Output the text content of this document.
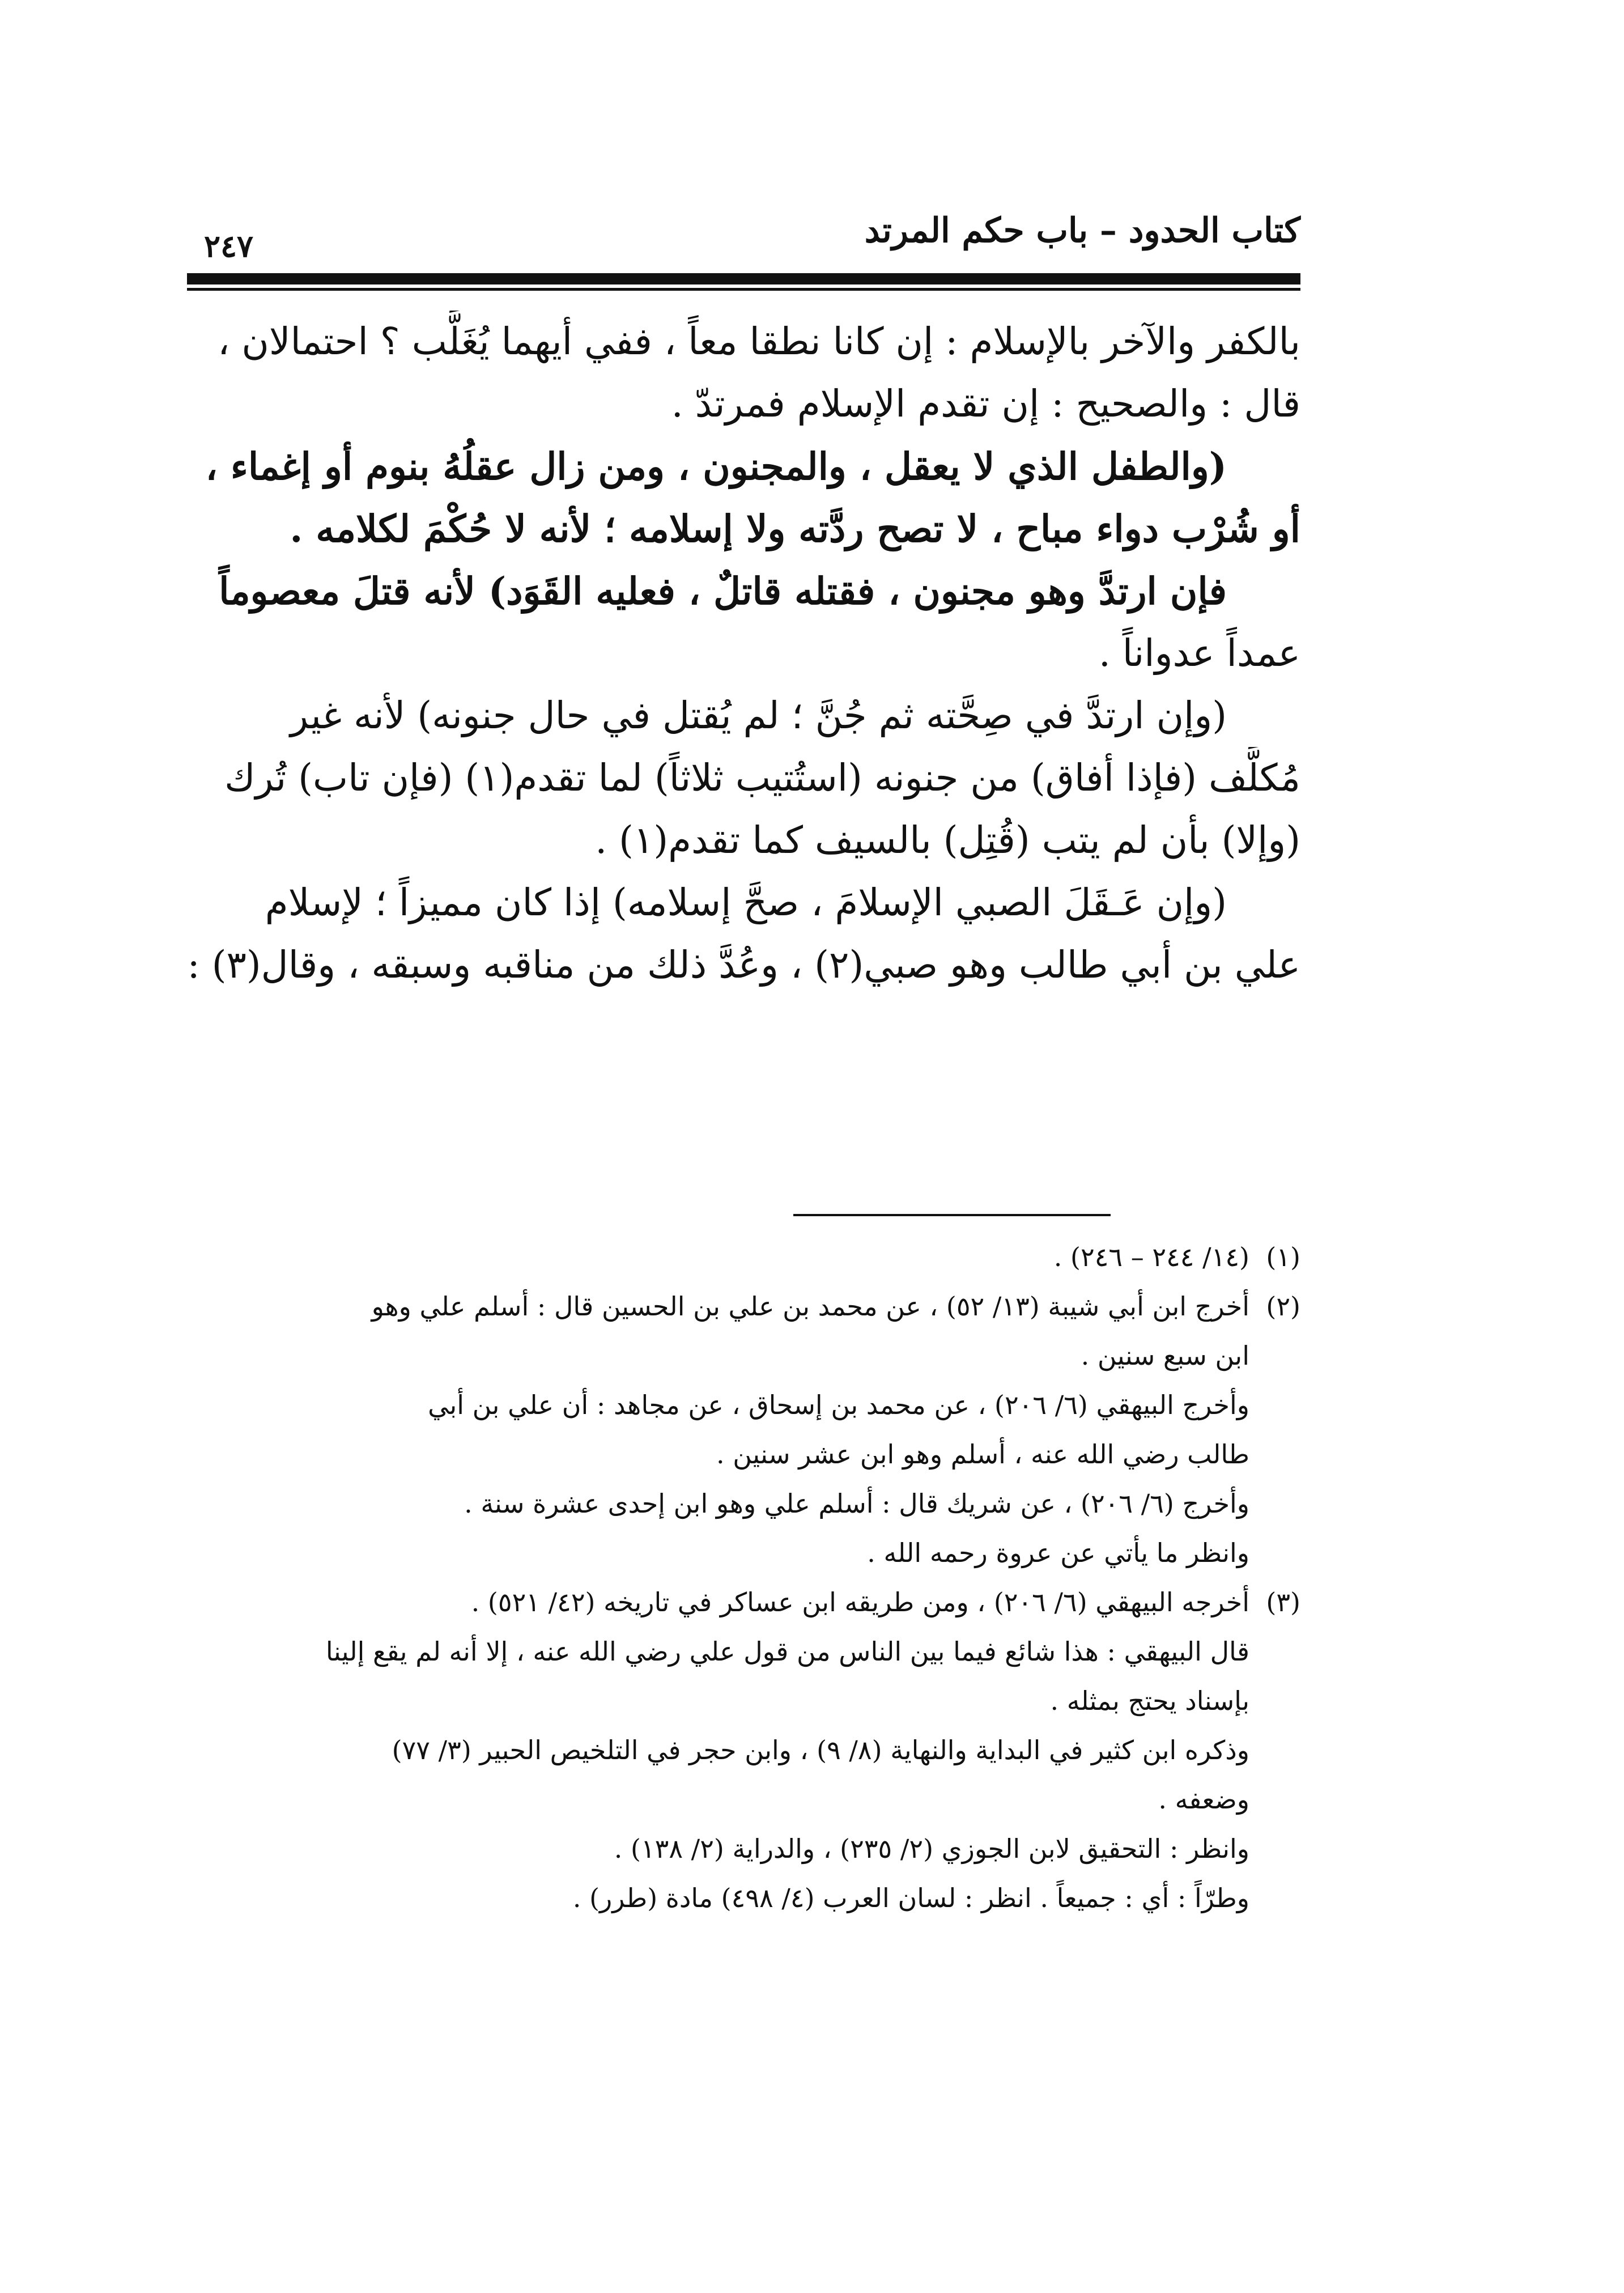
٢٤٧	كتاب الحدود – باب حكم المرتد
بالكفر والآخر بالإسلام : إن كانا نطقا معاً ، ففي أيهما يُغَلَّب ؟ احتمالان ،
قال : والصحيح : إن تقدم الإسلام فمرتدّ .
(والطفل الذي لا يعقل ، والمجنون ، ومن زال عقلُهُ بنوم أو إغماء ،
أو شُرْب دواء مباح ، لا تصح ردَّته ولا إسلامه ؛ لأنه لا حُكْمَ لكلامه .
فإن ارتدَّ وهو مجنون ، فقتله قاتلٌ ، فعليه القَوَد) لأنه قتلَ معصوماً
عمداً عدواناً .
(وإن ارتدَّ في صِحَّته ثم جُنَّ ؛ لم يُقتل في حال جنونه) لأنه غير
مُكلَّف (فإذا أفاق) من جنونه (استُتيب ثلاثاً) لما تقدم(١) (فإن تاب) تُرك
(وإلا) بأن لم يتب (قُتِل) بالسيف كما تقدم(١) .
(وإن عَـقَلَ الصبي الإسلامَ ، صحَّ إسلامه) إذا كان مميزاً ؛ لإسلام
علي بن أبي طالب وهو صبي(٢) ، وعُدَّ ذلك من مناقبه وسبقه ، وقال(٣) :
(١)(١٤/ ٢٤٤ – ٢٤٦) .
(٢)أخرج ابن أبي شيبة (١٣/ ٥٢) ، عن محمد بن علي بن الحسين قال : أسلم علي وهو
ابن سبع سنين .
وأخرج البيهقي (٦/ ٢٠٦) ، عن محمد بن إسحاق ، عن مجاهد : أن علي بن أبي
طالب رضي الله عنه ، أسلم وهو ابن عشر سنين .
وأخرج (٦/ ٢٠٦) ، عن شريك قال : أسلم علي وهو ابن إحدى عشرة سنة .
وانظر ما يأتي عن عروة رحمه الله .
(٣)أخرجه البيهقي (٦/ ٢٠٦) ، ومن طريقه ابن عساكر في تاريخه (٤٢/ ٥٢١) .
قال البيهقي : هذا شائع فيما بين الناس من قول علي رضي الله عنه ، إلا أنه لم يقع إلينا
بإسناد يحتج بمثله .
وذكره ابن كثير في البداية والنهاية (٨/ ٩) ، وابن حجر في التلخيص الحبير (٣/ ٧٧)
وضعفه .
وانظر : التحقيق لابن الجوزي (٢/ ٢٣٥) ، والدراية (٢/ ١٣٨) .
وطرّاً : أي : جميعاً . انظر : لسان العرب (٤/ ٤٩٨) مادة (طرر) .
